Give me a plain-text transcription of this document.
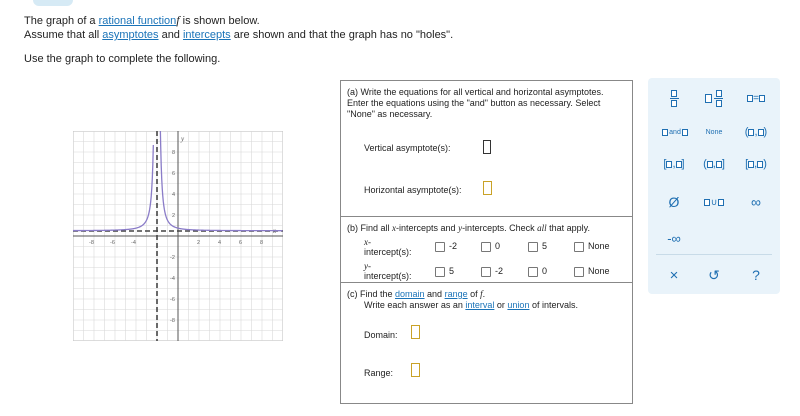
The graph of a rational functionf is shown below.
Assume that all asymptotes and intercepts are shown and that the graph has no "holes".
Use the graph to complete the following.
-8	-6	-4	2	4	6	8
8
6
4
2
-2
-4
-6
-8
y
x
(a) Write the equations for all vertical and horizontal asymptotes. Enter the equations using the "and" button as necessary. Select "None" as necessary.
Vertical asymptote(s):
Horizontal asymptote(s):
(b) Find all x-intercepts and y-intercepts. Check all that apply.
x-
intercept(s):
-2	0	5	None
y-
intercept(s):	5	-2	0	None
(c) Find the domain and range of f.
Write each answer as an interval or union of intervals.
Domain:
Range:
=
and	None	( , )
[ , ]	( , ]	[ , )
Ø	∪	∞
-∞
×	↺	?
